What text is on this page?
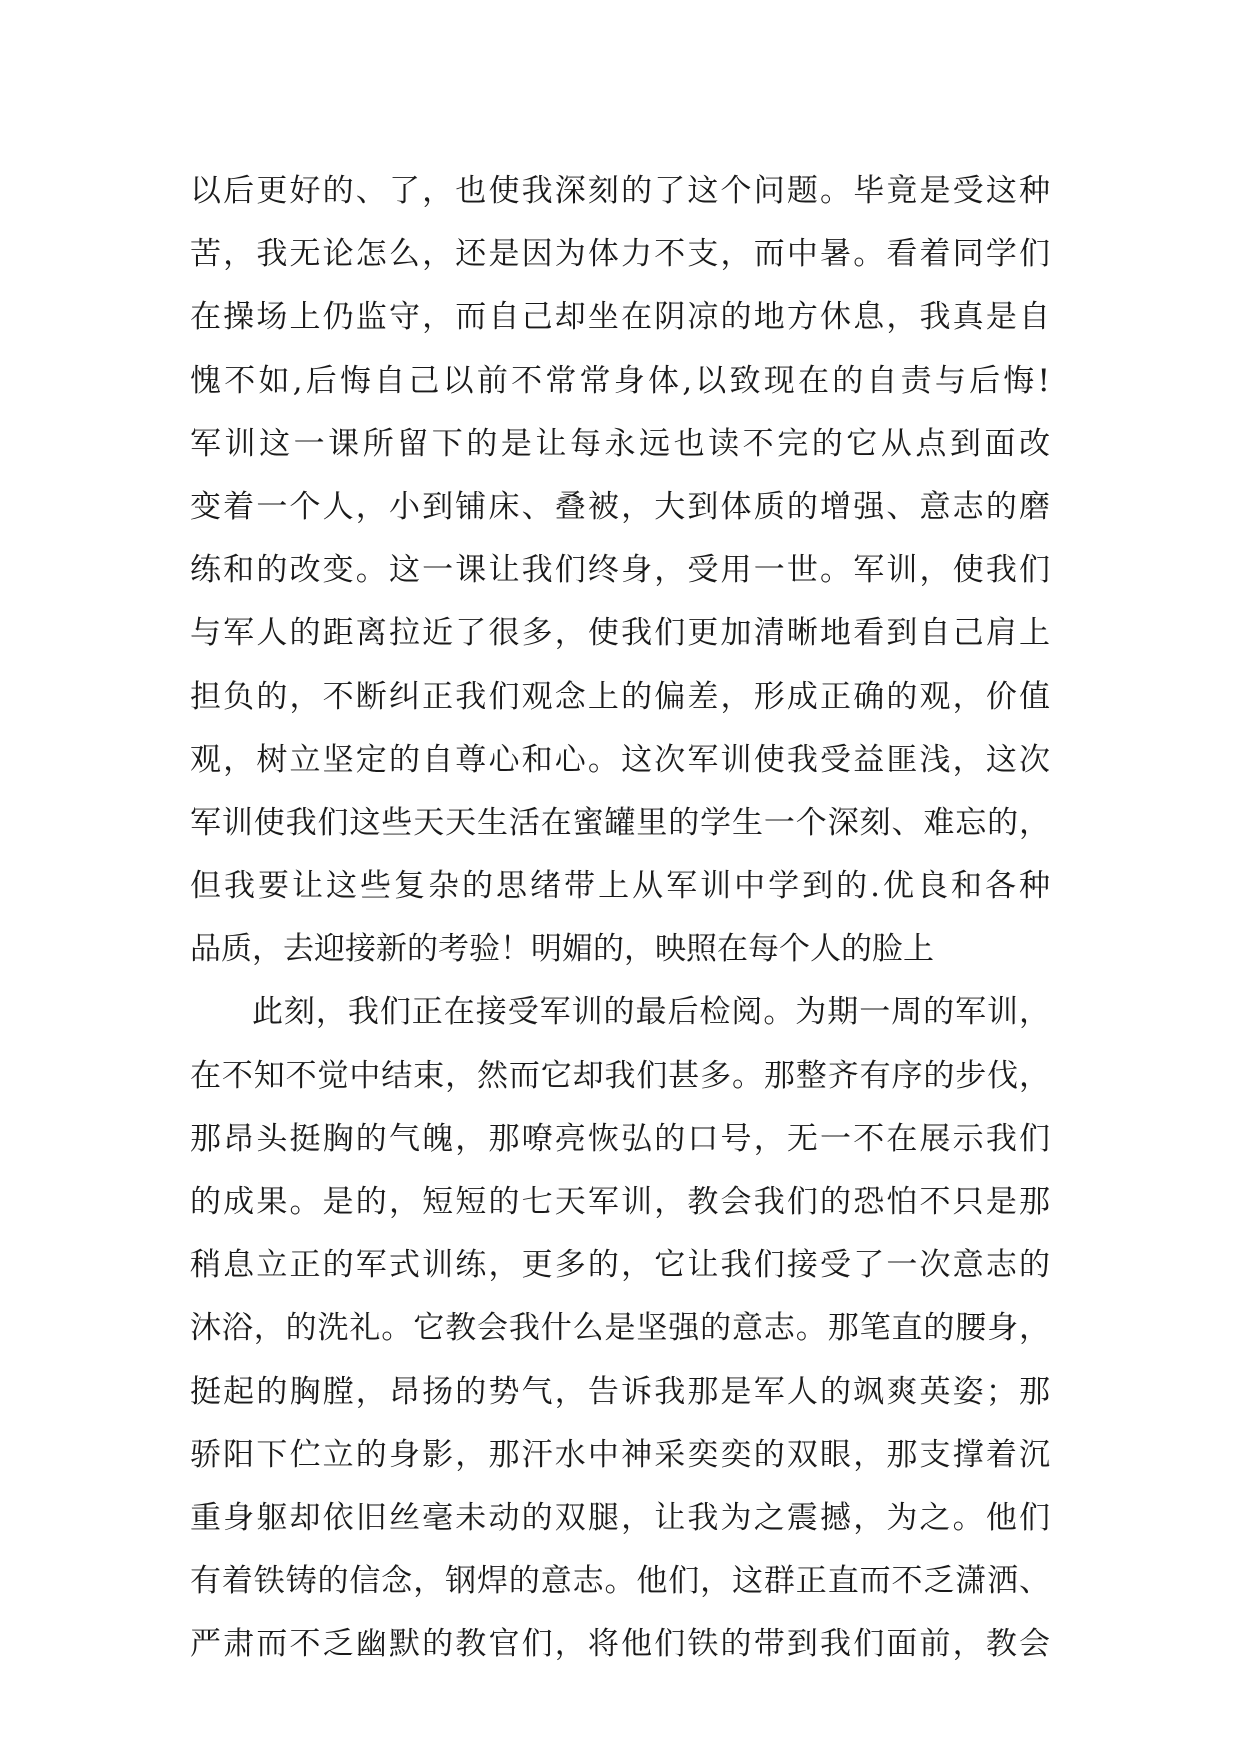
以后更好的、了，也使我深刻的了这个问题。毕竟是受这种
苦，我无论怎么，还是因为体力不支，而中暑。看着同学们
在操场上仍监守，而自己却坐在阴凉的地方休息，我真是自
愧不如,后悔自己以前不常常身体,以致现在的自责与后悔!
军训这一课所留下的是让每永远也读不完的它从点到面改
变着一个人，小到铺床、叠被，大到体质的增强、意志的磨
练和的改变。这一课让我们终身，受用一世。军训，使我们
与军人的距离拉近了很多，使我们更加清晰地看到自己肩上
担负的，不断纠正我们观念上的偏差，形成正确的观，价值
观，树立坚定的自尊心和心。这次军训使我受益匪浅，这次
军训使我们这些天天生活在蜜罐里的学生一个深刻、难忘的，
但我要让这些复杂的思绪带上从军训中学到的.优良和各种
品质，去迎接新的考验！明媚的，映照在每个人的脸上
此刻，我们正在接受军训的最后检阅。为期一周的军训，
在不知不觉中结束，然而它却我们甚多。那整齐有序的步伐，
那昂头挺胸的气魄，那嘹亮恢弘的口号，无一不在展示我们
的成果。是的，短短的七天军训，教会我们的恐怕不只是那
稍息立正的军式训练，更多的，它让我们接受了一次意志的
沐浴，的洗礼。它教会我什么是坚强的意志。那笔直的腰身，
挺起的胸膛，昂扬的势气，告诉我那是军人的飒爽英姿；那
骄阳下伫立的身影，那汗水中神采奕奕的双眼，那支撑着沉
重身躯却依旧丝毫未动的双腿，让我为之震撼，为之。他们
有着铁铸的信念，钢焊的意志。他们，这群正直而不乏潇洒、
严肃而不乏幽默的教官们，将他们铁的带到我们面前，教会
